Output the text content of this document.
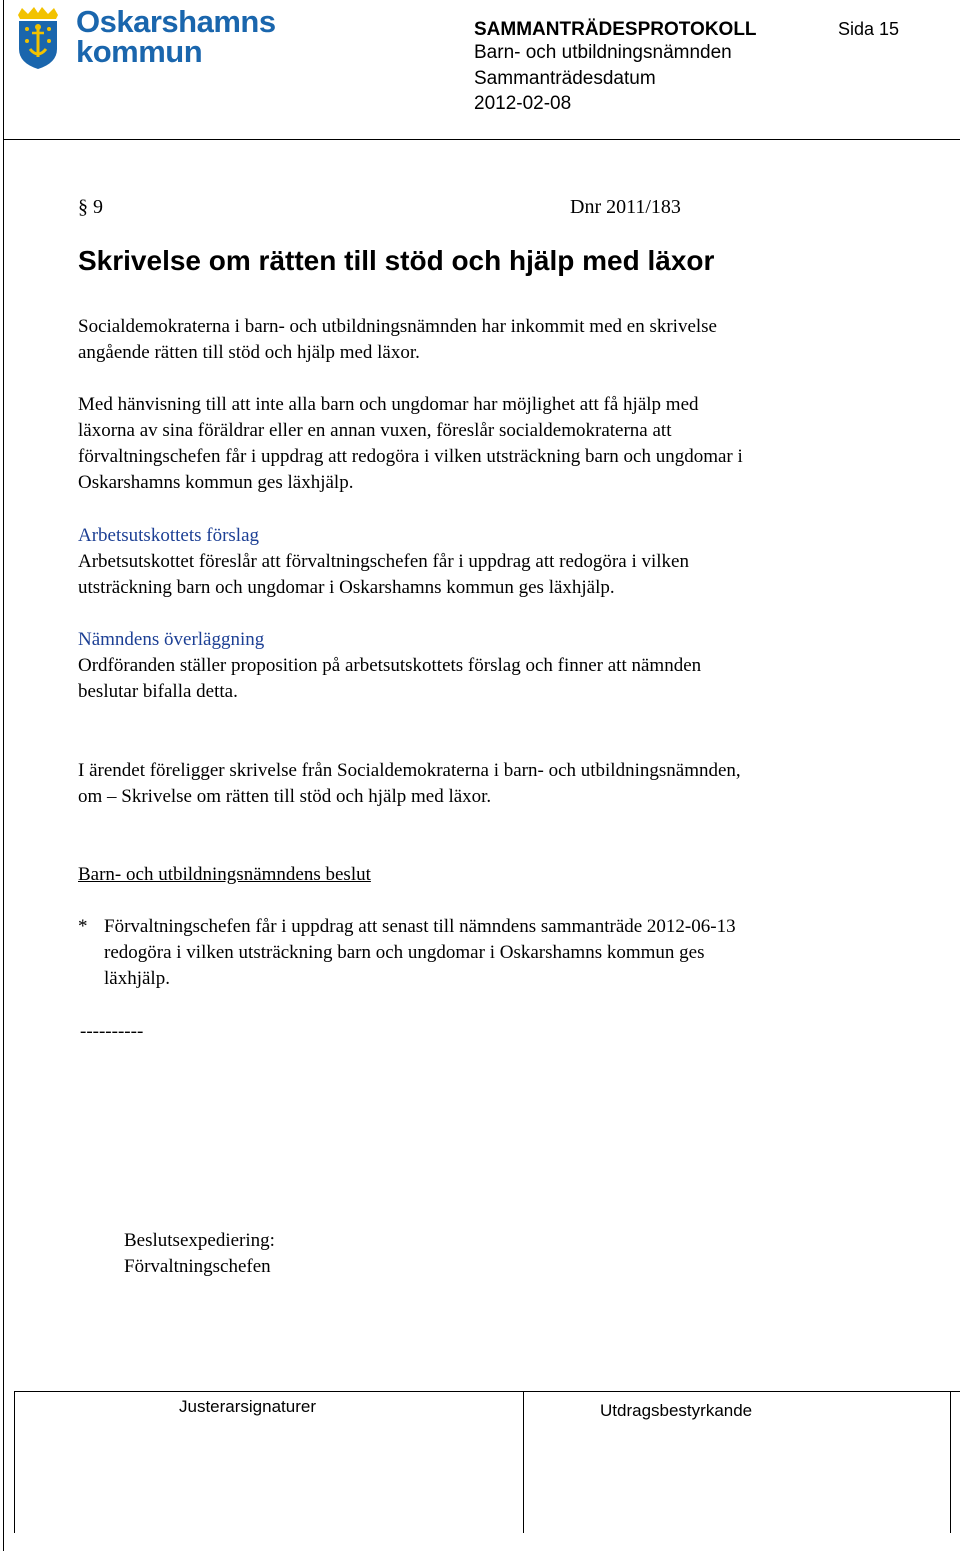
Oskarshamns
kommun
SAMMANTRÄDESPROTOKOLL	Sida 15
Barn- och utbildningsnämnden
Sammanträdesdatum
2012-02-08
§ 9	Dnr 2011/183
Skrivelse om rätten till stöd och hjälp med läxor
Socialdemokraterna i barn- och utbildningsnämnden har inkommit med en skrivelse
angående rätten till stöd och hjälp med läxor.
Med hänvisning till att inte alla barn och ungdomar har möjlighet att få hjälp med
läxorna av sina föräldrar eller en annan vuxen, föreslår socialdemokraterna att
förvaltningschefen får i uppdrag att redogöra i vilken utsträckning barn och ungdomar i
Oskarshamns kommun ges läxhjälp.
Arbetsutskottets förslag
Arbetsutskottet föreslår att förvaltningschefen får i uppdrag att redogöra i vilken
utsträckning barn och ungdomar i Oskarshamns kommun ges läxhjälp.
Nämndens överläggning
Ordföranden ställer proposition på arbetsutskottets förslag och finner att nämnden
beslutar bifalla detta.
I ärendet föreligger skrivelse från Socialdemokraterna i barn- och utbildningsnämnden,
om – Skrivelse om rätten till stöd och hjälp med läxor.
Barn- och utbildningsnämndens beslut
* Förvaltningschefen får i uppdrag att senast till nämndens sammanträde 2012-06-13
redogöra i vilken utsträckning barn och ungdomar i Oskarshamns kommun ges
läxhjälp.
----------
Beslutsexpediering:
Förvaltningschefen
Justerarsignaturer	Utdragsbestyrkande
